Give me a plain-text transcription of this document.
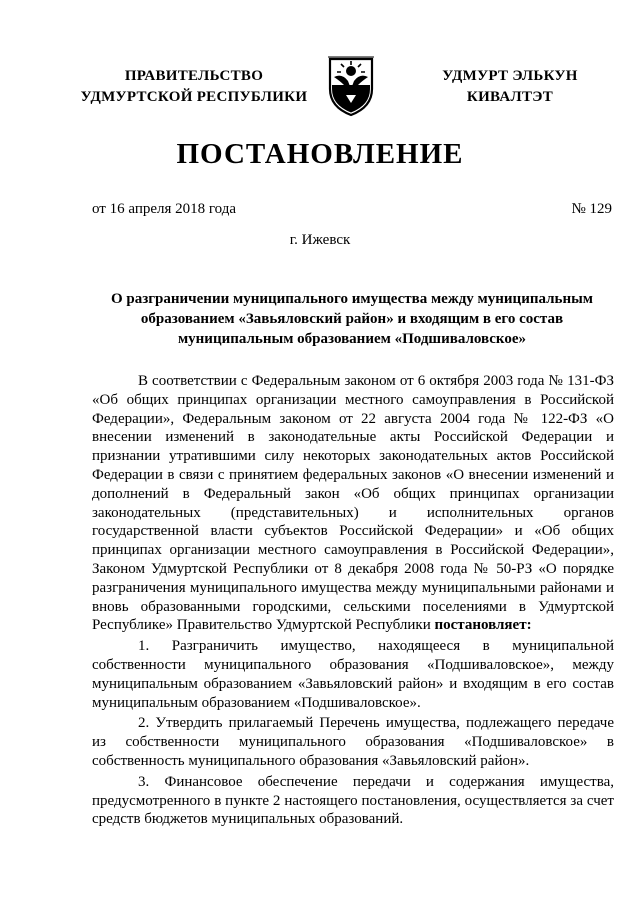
ПРАВИТЕЛЬСТВО
УДМУРТСКОЙ РЕСПУБЛИКИ
УДМУРТ ЭЛЬКУН
КИВАЛТЭТ
ПОСТАНОВЛЕНИЕ
от 16 апреля 2018 года	№ 129
г. Ижевск
О разграничении муниципального имущества между муниципальным
образованием «Завьяловский район» и входящим в его состав
муниципальным образованием «Подшиваловское»

В соответствии с Федеральным законом от 6 октября 2003 года № 131-ФЗ «Об общих принципах организации местного самоуправления в Российской Федерации», Федеральным законом от 22 августа 2004 года № 122-ФЗ «О внесении изменений в законодательные акты Российской Федерации и признании утратившими силу некоторых законодательных актов Российской Федерации в связи с принятием федеральных законов «О внесении изменений и дополнений в Федеральный закон «Об общих принципах организации законодательных (представительных) и исполнительных органов государственной власти субъектов Российской Федерации» и «Об общих принципах организации местного самоуправления в Российской Федерации», Законом Удмуртской Республики от 8 декабря 2008 года № 50-РЗ «О порядке разграничения муниципального имущества между муниципальными районами и вновь образованными городскими, сельскими поселениями в Удмуртской Республике» Правительство Удмуртской Республики постановляет:

1. Разграничить имущество, находящееся в муниципальной собственности муниципального образования «Подшиваловское», между муниципальным образованием «Завьяловский район» и входящим в его состав муниципальным образованием «Подшиваловское».

2. Утвердить прилагаемый Перечень имущества, подлежащего передаче из собственности муниципального образования «Подшиваловское» в собственность муниципального образования «Завьяловский район».

3. Финансовое обеспечение передачи и содержания имущества, предусмотренного в пункте 2 настоящего постановления, осуществляется за счет средств бюджетов муниципальных образований.
